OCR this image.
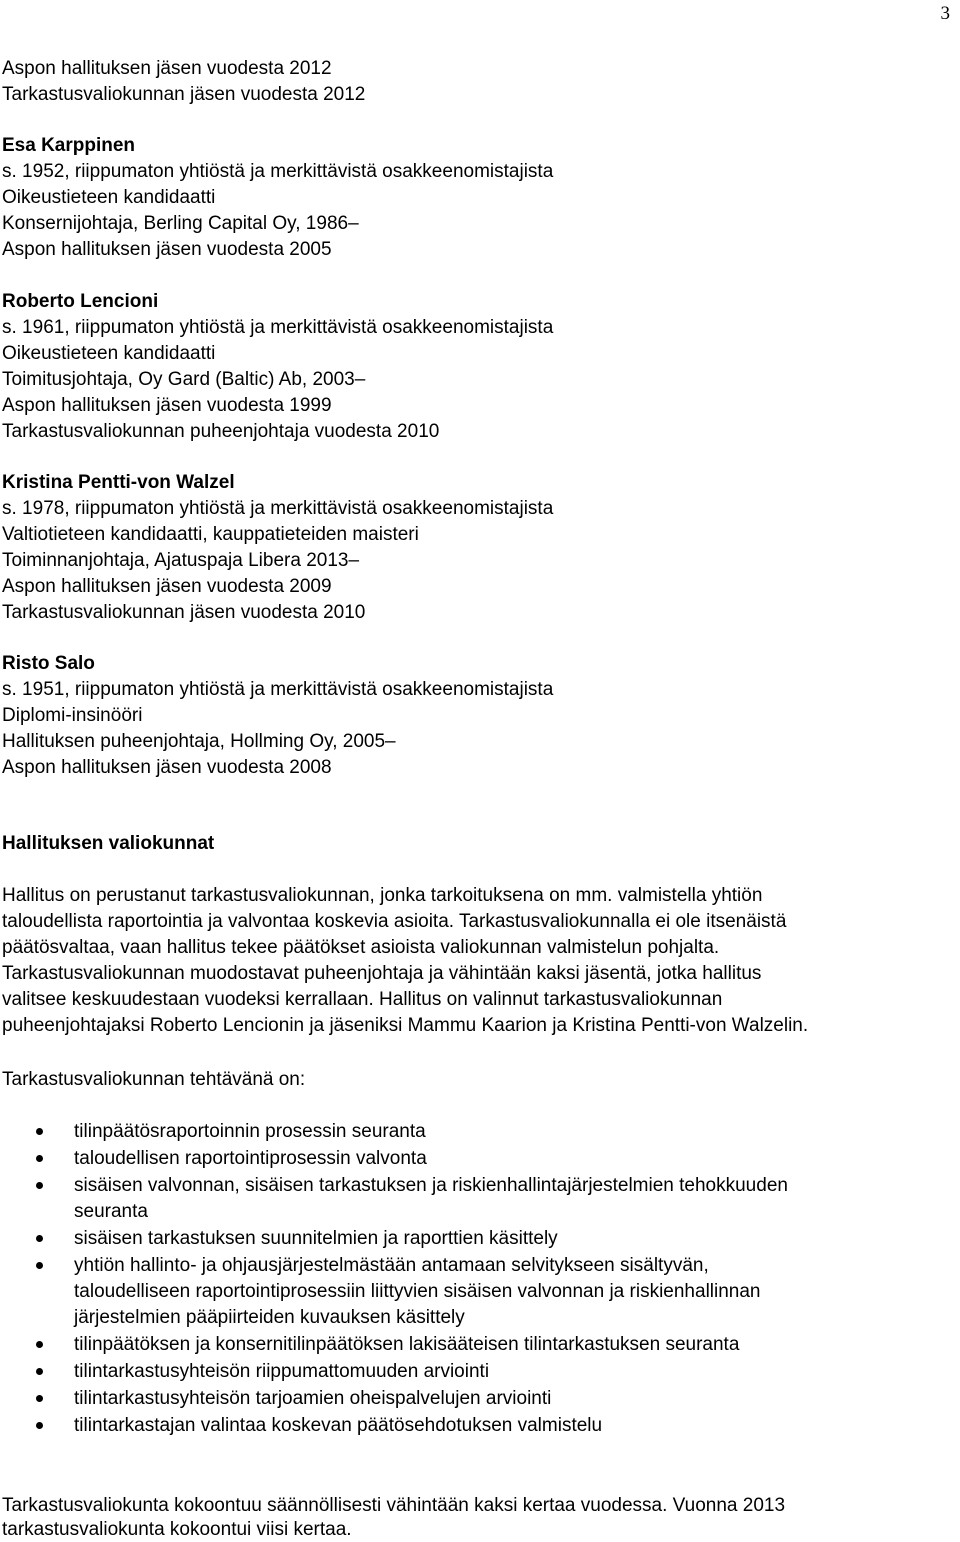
3
Aspon hallituksen jäsen vuodesta 2012
Tarkastusvaliokunnan jäsen vuodesta 2012
Esa Karppinen
s. 1952, riippumaton yhtiöstä ja merkittävistä osakkeenomistajista
Oikeustieteen kandidaatti
Konsernijohtaja, Berling Capital Oy, 1986–
Aspon hallituksen jäsen vuodesta 2005
Roberto Lencioni
s. 1961, riippumaton yhtiöstä ja merkittävistä osakkeenomistajista
Oikeustieteen kandidaatti
Toimitusjohtaja, Oy Gard (Baltic) Ab, 2003–
Aspon hallituksen jäsen vuodesta 1999
Tarkastusvaliokunnan puheenjohtaja vuodesta 2010
Kristina Pentti-von Walzel
s. 1978, riippumaton yhtiöstä ja merkittävistä osakkeenomistajista
Valtiotieteen kandidaatti, kauppatieteiden maisteri
Toiminnanjohtaja, Ajatuspaja Libera 2013–
Aspon hallituksen jäsen vuodesta 2009
Tarkastusvaliokunnan jäsen vuodesta 2010
Risto Salo
s. 1951, riippumaton yhtiöstä ja merkittävistä osakkeenomistajista
Diplomi-insinööri
Hallituksen puheenjohtaja, Hollming Oy, 2005–
Aspon hallituksen jäsen vuodesta 2008
Hallituksen valiokunnat
Hallitus on perustanut tarkastusvaliokunnan, jonka tarkoituksena on mm. valmistella yhtiön
taloudellista raportointia ja valvontaa koskevia asioita. Tarkastusvaliokunnalla ei ole itsenäistä
päätösvaltaa, vaan hallitus tekee päätökset asioista valiokunnan valmistelun pohjalta.
Tarkastusvaliokunnan muodostavat puheenjohtaja ja vähintään kaksi jäsentä, jotka hallitus
valitsee keskuudestaan vuodeksi kerrallaan. Hallitus on valinnut tarkastusvaliokunnan
puheenjohtajaksi Roberto Lencionin ja jäseniksi Mammu Kaarion ja Kristina Pentti-von Walzelin.
Tarkastusvaliokunnan tehtävänä on:
tilinpäätösraportoinnin prosessin seuranta
taloudellisen raportointiprosessin valvonta
sisäisen valvonnan, sisäisen tarkastuksen ja riskienhallintajärjestelmien tehokkuuden
seuranta
sisäisen tarkastuksen suunnitelmien ja raporttien käsittely
yhtiön hallinto- ja ohjausjärjestelmästään antamaan selvitykseen sisältyvän,
taloudelliseen raportointiprosessiin liittyvien sisäisen valvonnan ja riskienhallinnan
järjestelmien pääpiirteiden kuvauksen käsittely
tilinpäätöksen ja konsernitilinpäätöksen lakisääteisen tilintarkastuksen seuranta
tilintarkastusyhteisön riippumattomuuden arviointi
tilintarkastusyhteisön tarjoamien oheispalvelujen arviointi
tilintarkastajan valintaa koskevan päätösehdotuksen valmistelu
Tarkastusvaliokunta kokoontuu säännöllisesti vähintään kaksi kertaa vuodessa. Vuonna 2013
tarkastusvaliokunta kokoontui viisi kertaa.
